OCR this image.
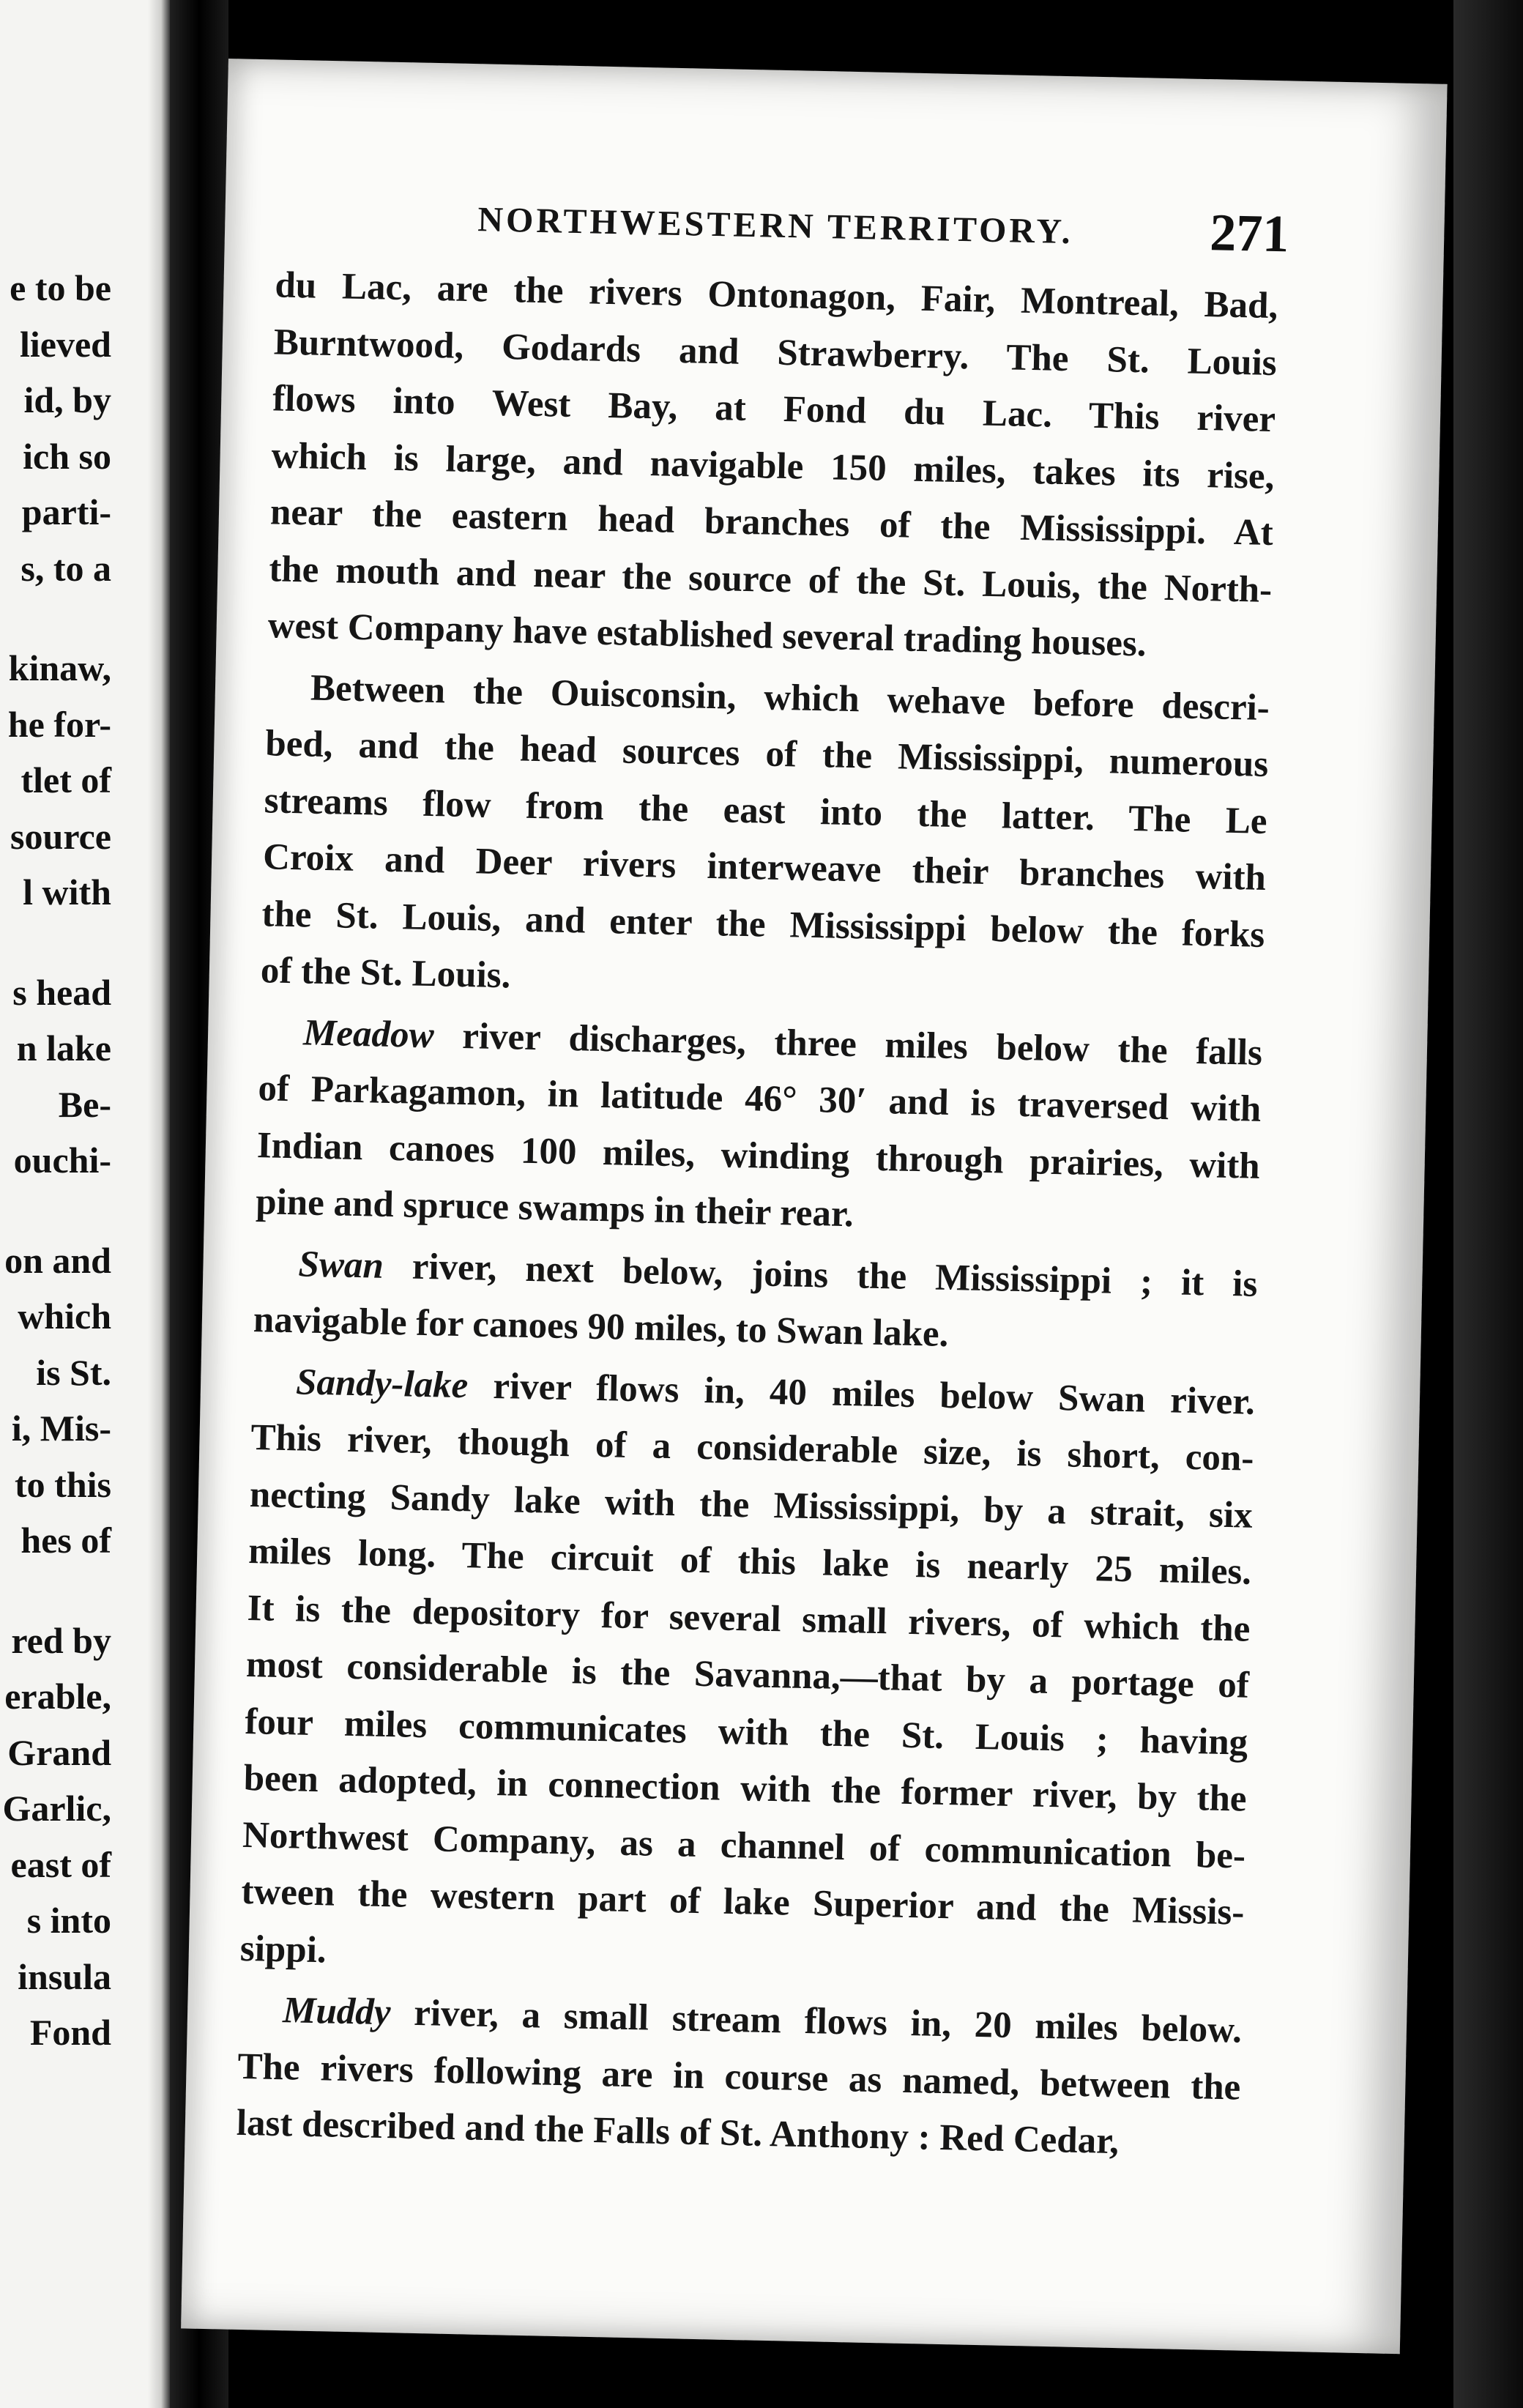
e to be
lieved
id, by
ich so
parti-
s, to a
kinaw,
he for-
tlet of
source
l with
s head
n lake
Be-
ouchi-
on and
which
is St.
i, Mis-
to this
hes of
red by
erable,
Grand
Garlic,
east of
s into
insula
Fond
NORTHWESTERN TERRITORY.	271
du Lac, are the rivers Ontonagon, Fair, Montreal, Bad,
Burntwood, Godards and Strawberry. The St. Louis
flows into West Bay, at Fond du Lac. This river
which is large, and navigable 150 miles, takes its rise,
near the eastern head branches of the Mississippi. At
the mouth and near the source of the St. Louis, the North-
west Company have established several trading houses.
Between the Ouisconsin, which wehave before descri-
bed, and the head sources of the Mississippi, numerous
streams flow from the east into the latter. The Le
Croix and Deer rivers interweave their branches with
the St. Louis, and enter the Mississippi below the forks
of the St. Louis.
Meadow river discharges, three miles below the falls
of Parkagamon, in latitude 46° 30′ and is traversed with
Indian canoes 100 miles, winding through prairies, with
pine and spruce swamps in their rear.
Swan river, next below, joins the Mississippi ; it is
navigable for canoes 90 miles, to Swan lake.
Sandy-lake river flows in, 40 miles below Swan river.
This river, though of a considerable size, is short, con-
necting Sandy lake with the Mississippi, by a strait, six
miles long. The circuit of this lake is nearly 25 miles.
It is the depository for several small rivers, of which the
most considerable is the Savanna,—that by a portage of
four miles communicates with the St. Louis ; having
been adopted, in connection with the former river, by the
Northwest Company, as a channel of communication be-
tween the western part of lake Superior and the Missis-
sippi.
Muddy river, a small stream flows in, 20 miles below.
The rivers following are in course as named, between the
last described and the Falls of St. Anthony : Red Cedar,
